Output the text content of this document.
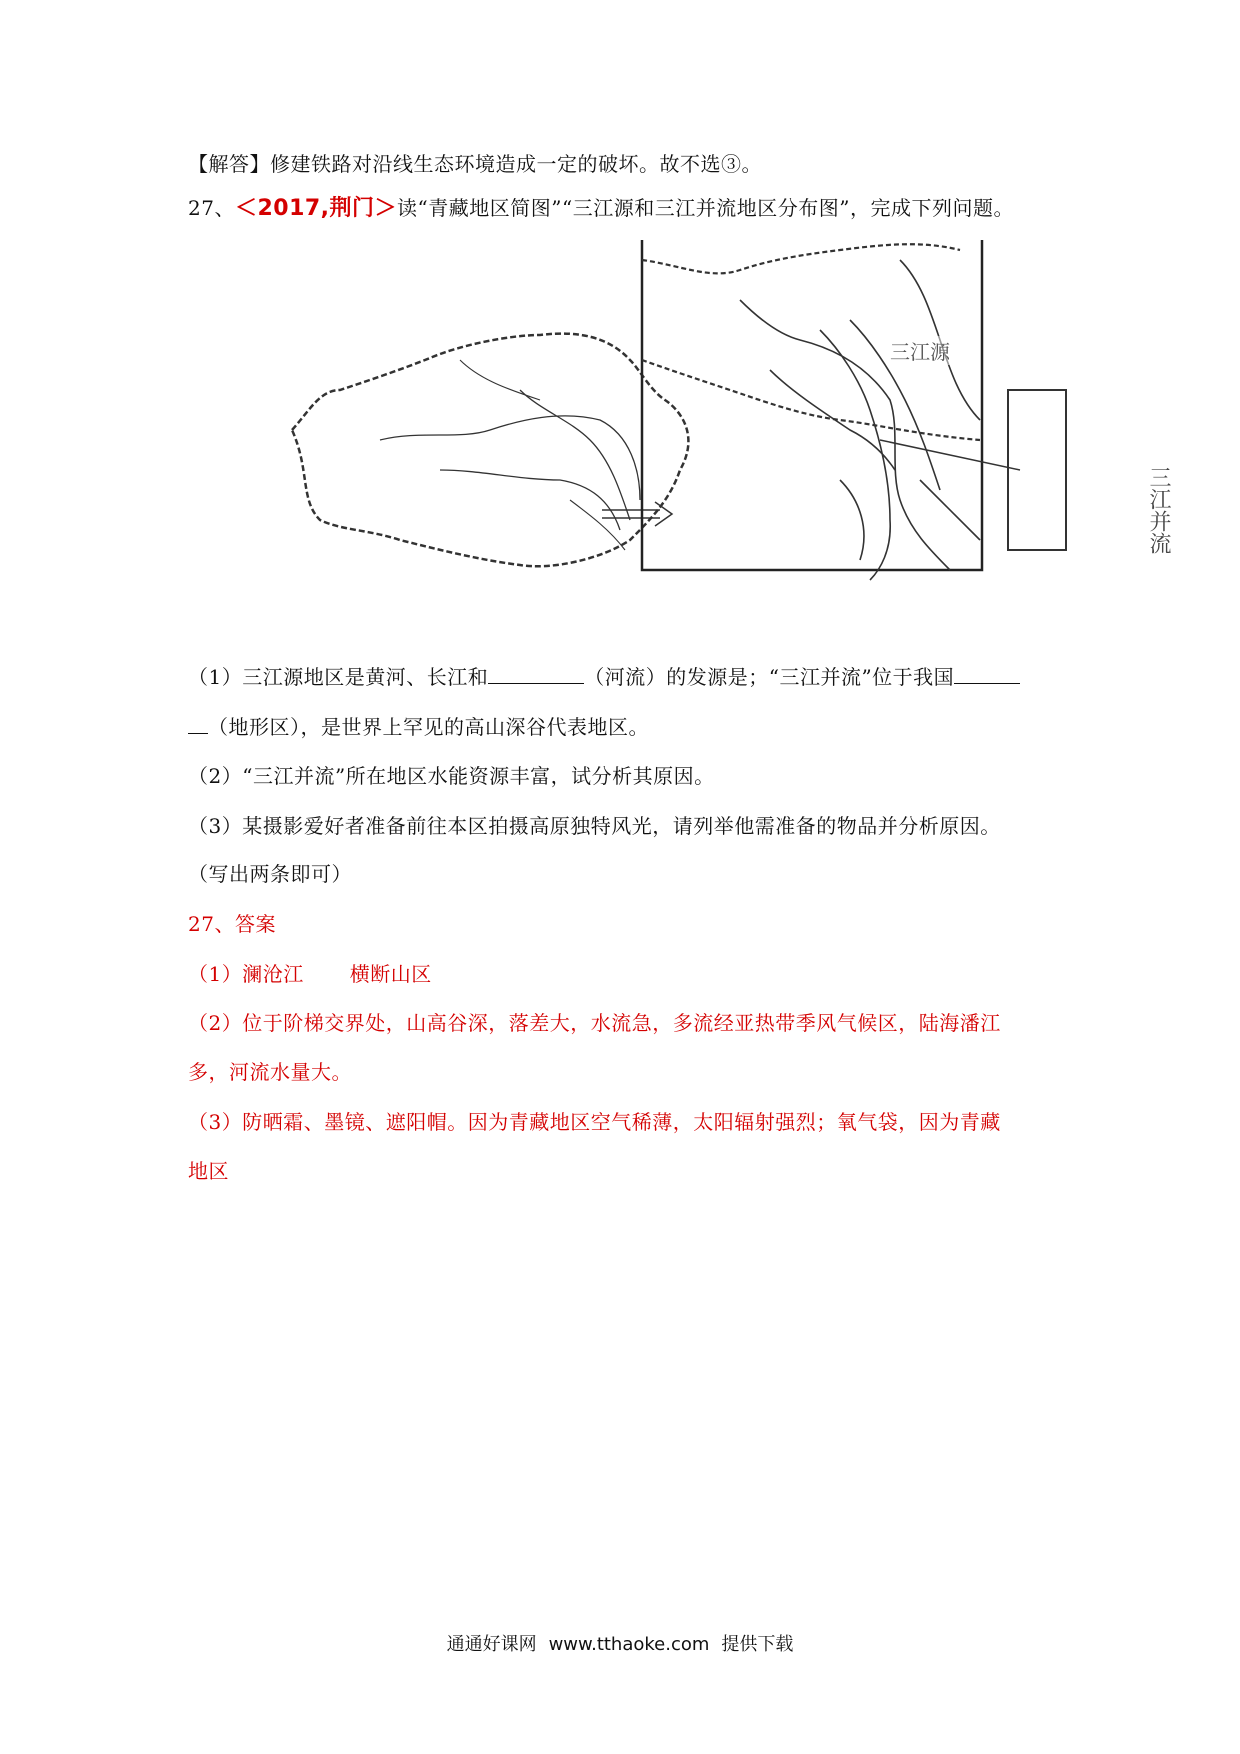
【解答】修建铁路对沿线生态环境造成一定的破坏。故不选③。
27、＜2017,荆门＞读“青藏地区简图”“三江源和三江并流地区分布图”，完成下列问题。
三江源
三江并流
（1）三江源地区是黄河、长江和	（河流）的发源是；“三江并流”位于我国
（地形区），是世界上罕见的高山深谷代表地区。
（2）“三江并流”所在地区水能资源丰富，试分析其原因。
（3）某摄影爱好者准备前往本区拍摄高原独特风光，请列举他需准备的物品并分析原因。
（写出两条即可）
27、答案
（1）澜沧江 横断山区
（2）位于阶梯交界处，山高谷深，落差大，水流急，多流经亚热带季风气候区，陆海潘江
多，河流水量大。
（3）防晒霜、墨镜、遮阳帽。因为青藏地区空气稀薄，太阳辐射强烈；氧气袋，因为青藏
地区
通通好课网 www.tthaoke.com 提供下载
